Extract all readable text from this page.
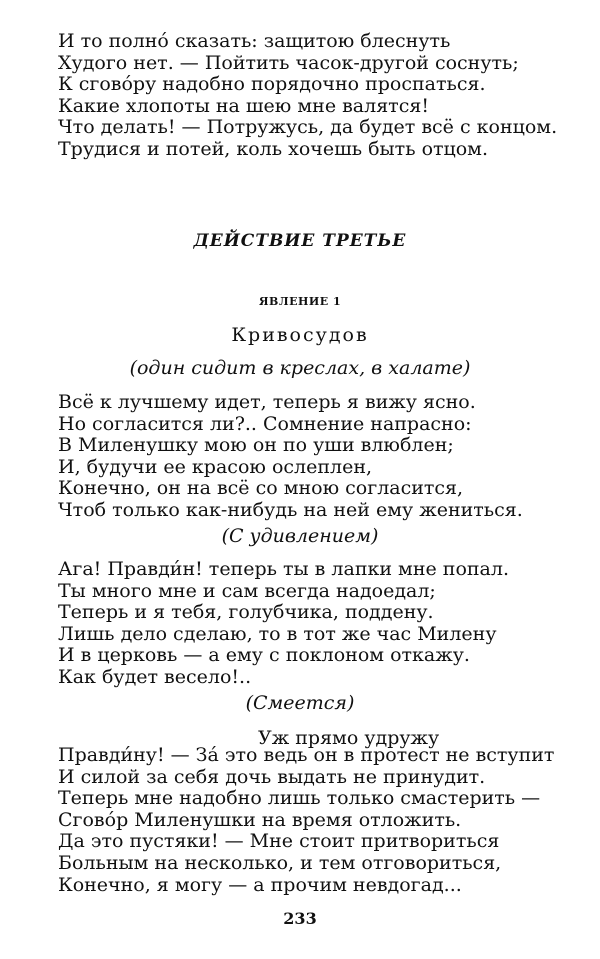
И то полно́ сказать: защитою блеснуть
Худого нет. — Пойтить часок-другой соснуть;
К сгово́ру надобно порядочно проспаться.
Какие хлопоты на шею мне валятся!
Что делать! — Потружусь, да будет всё с концом.
Трудися и потей, коль хочешь быть отцом.
ДЕЙСТВИЕ ТРЕТЬЕ
ЯВЛЕНИЕ 1
Кривосудов
(один сидит в креслах, в халате)
Всё к лучшему идет, теперь я вижу ясно.
Но согласится ли?.. Сомнение напрасно:
В Миленушку мою он по уши влюблен;
И, будучи ее красою ослеплен,
Конечно, он на всё со мною согласится,
Чтоб только как-нибудь на ней ему жениться.
(С удивлением)
Ага! Правди́н! теперь ты в лапки мне попал.
Ты много мне и сам всегда надоедал;
Теперь и я тебя, голубчика, поддену.
Лишь дело сделаю, то в тот же час Милену
И в церковь — а ему с поклоном откажу.
Как будет весело!..
(Смеется)
Уж прямо удружу
Правди́ну! — За́ это ведь он в протест не вступит
И силой за себя дочь выдать не принудит.
Теперь мне надобно лишь только смастерить —
Сгово́р Миленушки на время отложить.
Да это пустяки! — Мне стоит притвориться
Больным на несколько, и тем отговориться,
Конечно, я могу — а прочим невдогад...
233
